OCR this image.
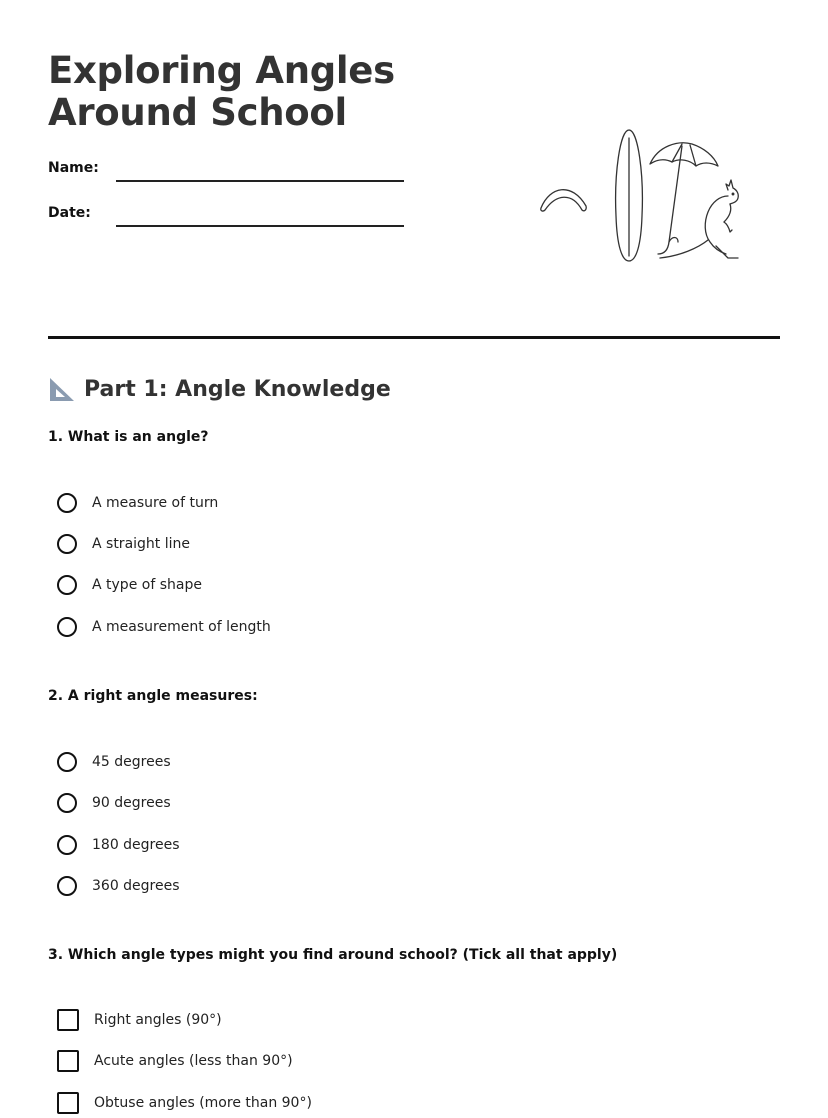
Exploring Angles
Around School
Name:
Date:
Part 1: Angle Knowledge

1. What is an angle?

A measure of turn
A straight line
A type of shape
A measurement of length

2. A right angle measures:

45 degrees
90 degrees
180 degrees
360 degrees

3. Which angle types might you find around school? (Tick all that apply)

Right angles (90°)
Acute angles (less than 90°)
Obtuse angles (more than 90°)
